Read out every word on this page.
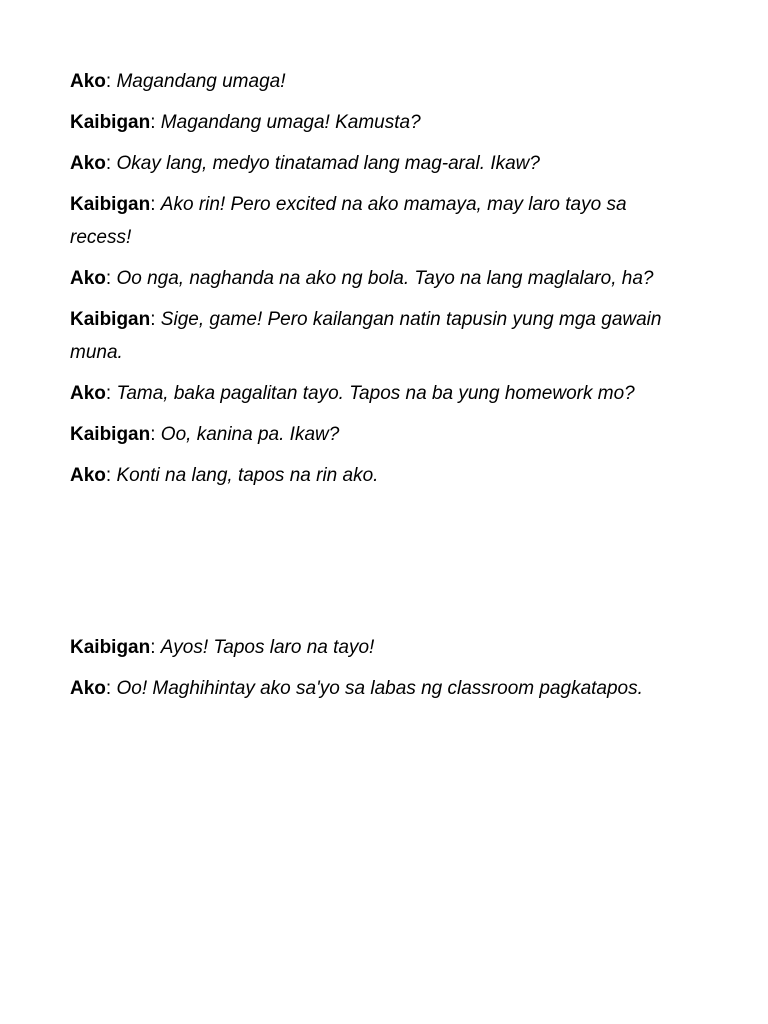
Ako: Magandang umaga!

Kaibigan: Magandang umaga! Kamusta?

Ako: Okay lang, medyo tinatamad lang mag-aral. Ikaw?

Kaibigan: Ako rin! Pero excited na ako mamaya, may laro tayo sa recess!

Ako: Oo nga, naghanda na ako ng bola. Tayo na lang maglalaro, ha?

Kaibigan: Sige, game! Pero kailangan natin tapusin yung mga gawain muna.

Ako: Tama, baka pagalitan tayo. Tapos na ba yung homework mo?

Kaibigan: Oo, kanina pa. Ikaw?

Ako: Konti na lang, tapos na rin ako.

Kaibigan: Ayos! Tapos laro na tayo!

Ako: Oo! Maghihintay ako sa'yo sa labas ng classroom pagkatapos.
